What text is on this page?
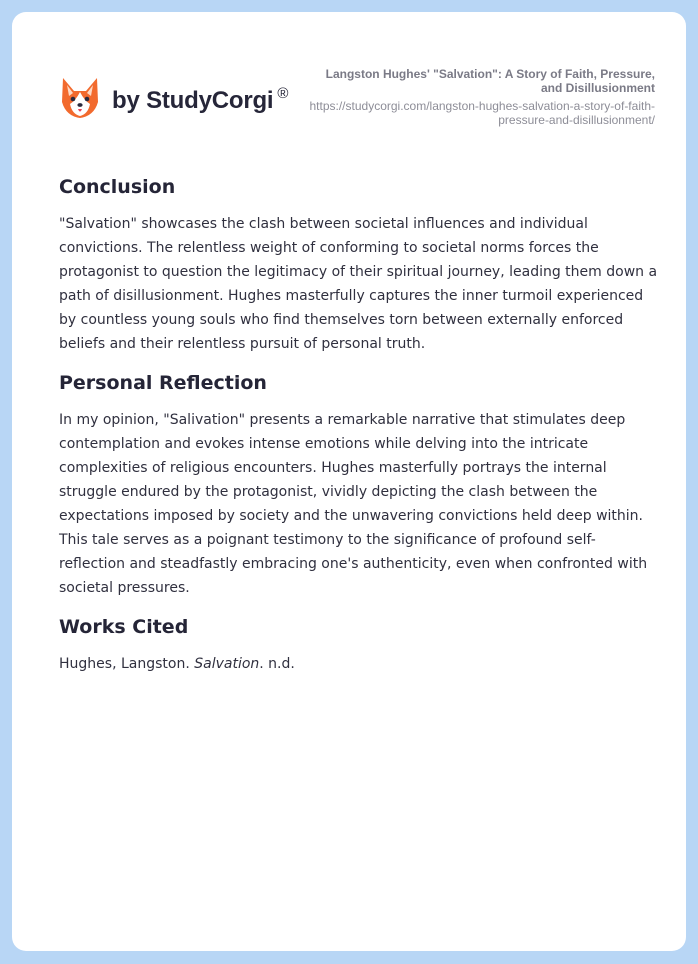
by StudyCorgi ®
Langston Hughes' "Salvation": A Story of Faith, Pressure, and Disillusionment
https://studycorgi.com/langston-hughes-salvation-a-story-of-faith-pressure-and-disillusionment/
Conclusion

"Salvation" showcases the clash between societal influences and individual convictions. The relentless weight of conforming to societal norms forces the protagonist to question the legitimacy of their spiritual journey, leading them down a path of disillusionment. Hughes masterfully captures the inner turmoil experienced by countless young souls who find themselves torn between externally enforced beliefs and their relentless pursuit of personal truth.

Personal Reflection

In my opinion, "Salivation" presents a remarkable narrative that stimulates deep contemplation and evokes intense emotions while delving into the intricate complexities of religious encounters. Hughes masterfully portrays the internal struggle endured by the protagonist, vividly depicting the clash between the expectations imposed by society and the unwavering convictions held deep within. This tale serves as a poignant testimony to the significance of profound self-reflection and steadfastly embracing one's authenticity, even when confronted with societal pressures.

Works Cited

Hughes, Langston. Salvation. n.d.
